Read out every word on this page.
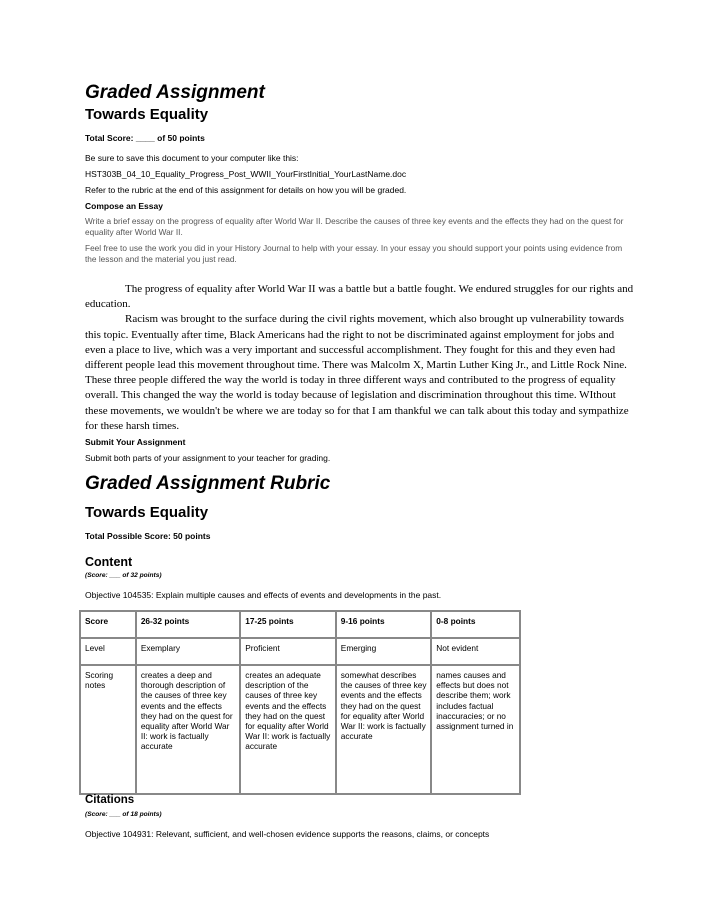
Graded Assignment
Towards Equality
Total Score: ____ of 50 points
Be sure to save this document to your computer like this:
HST303B_04_10_Equality_Progress_Post_WWII_YourFirstInitial_YourLastName.doc
Refer to the rubric at the end of this assignment for details on how you will be graded.
Compose an Essay
Write a brief essay on the progress of equality after World War II. Describe the causes of three key events and the effects they had on the quest for equality after World War II.
Feel free to use the work you did in your History Journal to help with your essay. In your essay you should support your points using evidence from the lesson and the material you just read.

The progress of equality after World War II was a battle but a battle fought. We endured struggles for our rights and education.

Racism was brought to the surface during the civil rights movement, which also brought up vulnerability towards this topic. Eventually after time, Black Americans had the right to not be discriminated against employment for jobs and even a place to live, which was a very important and successful accomplishment. They fought for this and they even had different people lead this movement throughout time. There was Malcolm X, Martin Luther King Jr., and Little Rock Nine. These three people differed the way the world is today in three different ways and contributed to the progress of equality overall. This changed the way the world is today because of legislation and discrimination throughout this time. WIthout these movements, we wouldn't be where we are today so for that I am thankful we can talk about this today and sympathize for these harsh times.

Submit Your Assignment
Submit both parts of your assignment to your teacher for grading.
Graded Assignment Rubric
Towards Equality
Total Possible Score: 50 points
Content
(Score: ___ of 32 points)
Objective 104535: Explain multiple causes and effects of events and developments in the past.
Score	26-32 points	17-25 points	9-16 points	0-8 points
Level	Exemplary	Proficient	Emerging	Not evident
Scoring notes	creates a deep and thorough description of the causes of three key events and the effects they had on the quest for equality after World War II: work is factually accurate	creates an adequate description of the causes of three key events and the effects they had on the quest for equality after World War II: work is factually accurate	somewhat describes the causes of three key events and the effects they had on the quest for equality after World War II: work is factually accurate	names causes and effects but does not describe them; work includes factual inaccuracies; or no assignment turned in
Citations
(Score: ___ of 18 points)
Objective 104931: Relevant, sufficient, and well-chosen evidence supports the reasons, claims, or concepts
